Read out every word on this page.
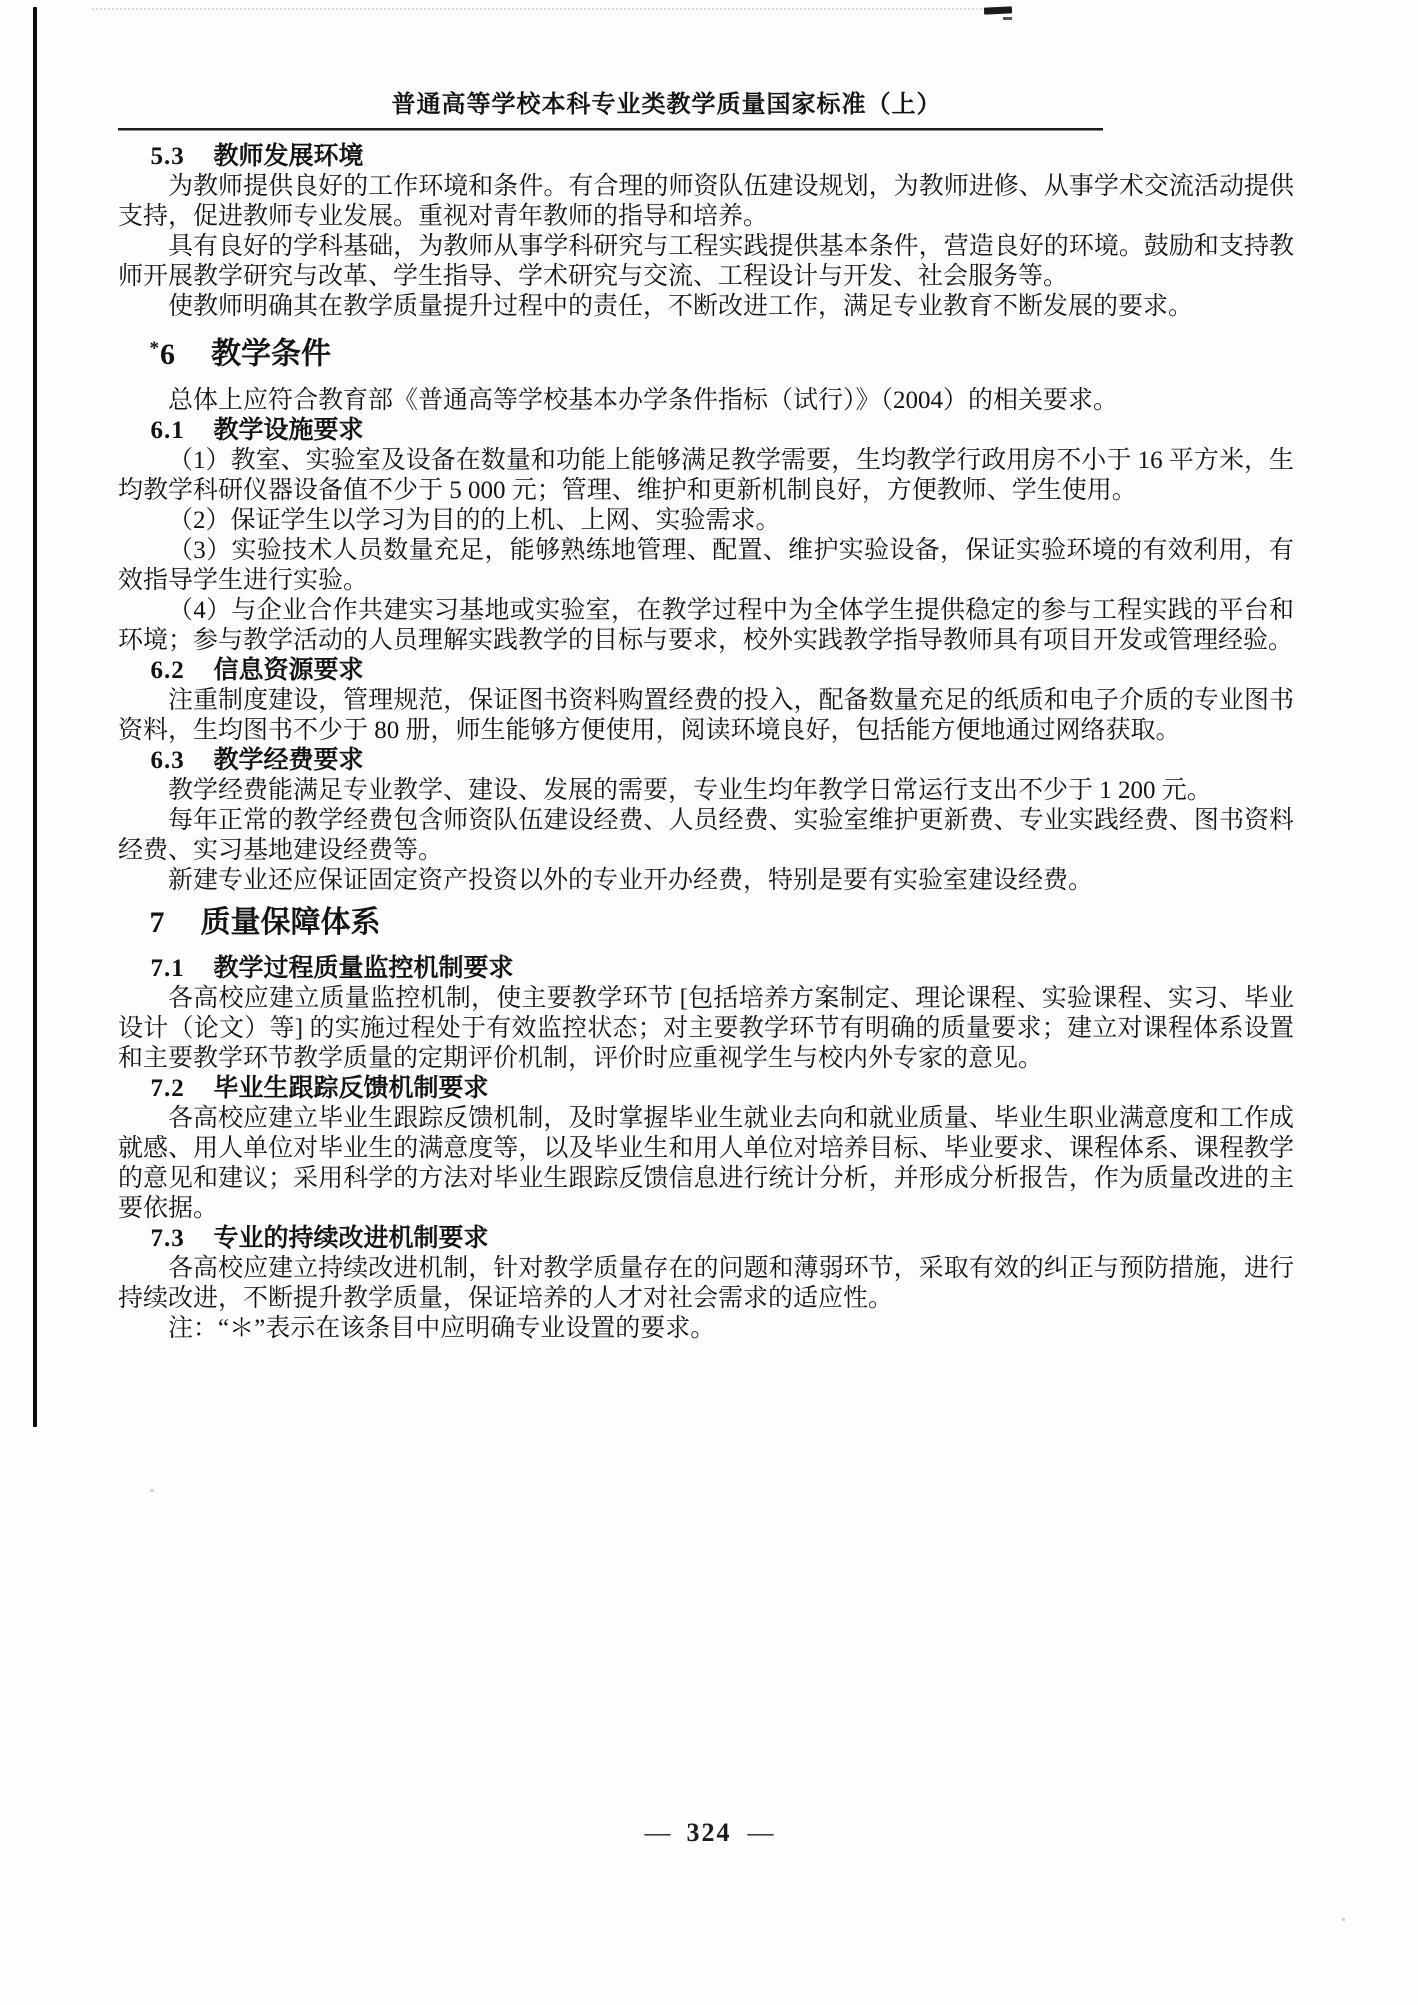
普通高等学校本科专业类教学质量国家标准（上）
5.3 教师发展环境

为教师提供良好的工作环境和条件。有合理的师资队伍建设规划，为教师进修、从事学术交流活动提供支持，促进教师专业发展。重视对青年教师的指导和培养。

具有良好的学科基础，为教师从事学科研究与工程实践提供基本条件，营造良好的环境。鼓励和支持教师开展教学研究与改革、学生指导、学术研究与交流、工程设计与开发、社会服务等。

使教师明确其在教学质量提升过程中的责任，不断改进工作，满足专业教育不断发展的要求。

*6 教学条件

总体上应符合教育部《普通高等学校基本办学条件指标（试行）》（2004）的相关要求。

6.1 教学设施要求

（1）教室、实验室及设备在数量和功能上能够满足教学需要，生均教学行政用房不小于 16 平方米，生均教学科研仪器设备值不少于 5 000 元；管理、维护和更新机制良好，方便教师、学生使用。

（2）保证学生以学习为目的的上机、上网、实验需求。

（3）实验技术人员数量充足，能够熟练地管理、配置、维护实验设备，保证实验环境的有效利用，有效指导学生进行实验。

（4）与企业合作共建实习基地或实验室，在教学过程中为全体学生提供稳定的参与工程实践的平台和环境；参与教学活动的人员理解实践教学的目标与要求，校外实践教学指导教师具有项目开发或管理经验。

6.2 信息资源要求

注重制度建设，管理规范，保证图书资料购置经费的投入，配备数量充足的纸质和电子介质的专业图书资料，生均图书不少于 80 册，师生能够方便使用，阅读环境良好，包括能方便地通过网络获取。

6.3 教学经费要求

教学经费能满足专业教学、建设、发展的需要，专业生均年教学日常运行支出不少于 1 200 元。

每年正常的教学经费包含师资队伍建设经费、人员经费、实验室维护更新费、专业实践经费、图书资料经费、实习基地建设经费等。

新建专业还应保证固定资产投资以外的专业开办经费，特别是要有实验室建设经费。

7 质量保障体系
7.1 教学过程质量监控机制要求

各高校应建立质量监控机制，使主要教学环节 [包括培养方案制定、理论课程、实验课程、实习、毕业设计（论文）等] 的实施过程处于有效监控状态；对主要教学环节有明确的质量要求；建立对课程体系设置和主要教学环节教学质量的定期评价机制，评价时应重视学生与校内外专家的意见。

7.2 毕业生跟踪反馈机制要求

各高校应建立毕业生跟踪反馈机制，及时掌握毕业生就业去向和就业质量、毕业生职业满意度和工作成就感、用人单位对毕业生的满意度等，以及毕业生和用人单位对培养目标、毕业要求、课程体系、课程教学的意见和建议；采用科学的方法对毕业生跟踪反馈信息进行统计分析，并形成分析报告，作为质量改进的主要依据。

7.3 专业的持续改进机制要求

各高校应建立持续改进机制，针对教学质量存在的问题和薄弱环节，采取有效的纠正与预防措施，进行持续改进，不断提升教学质量，保证培养的人才对社会需求的适应性。

注：“＊”表示在该条目中应明确专业设置的要求。

— 324 —
